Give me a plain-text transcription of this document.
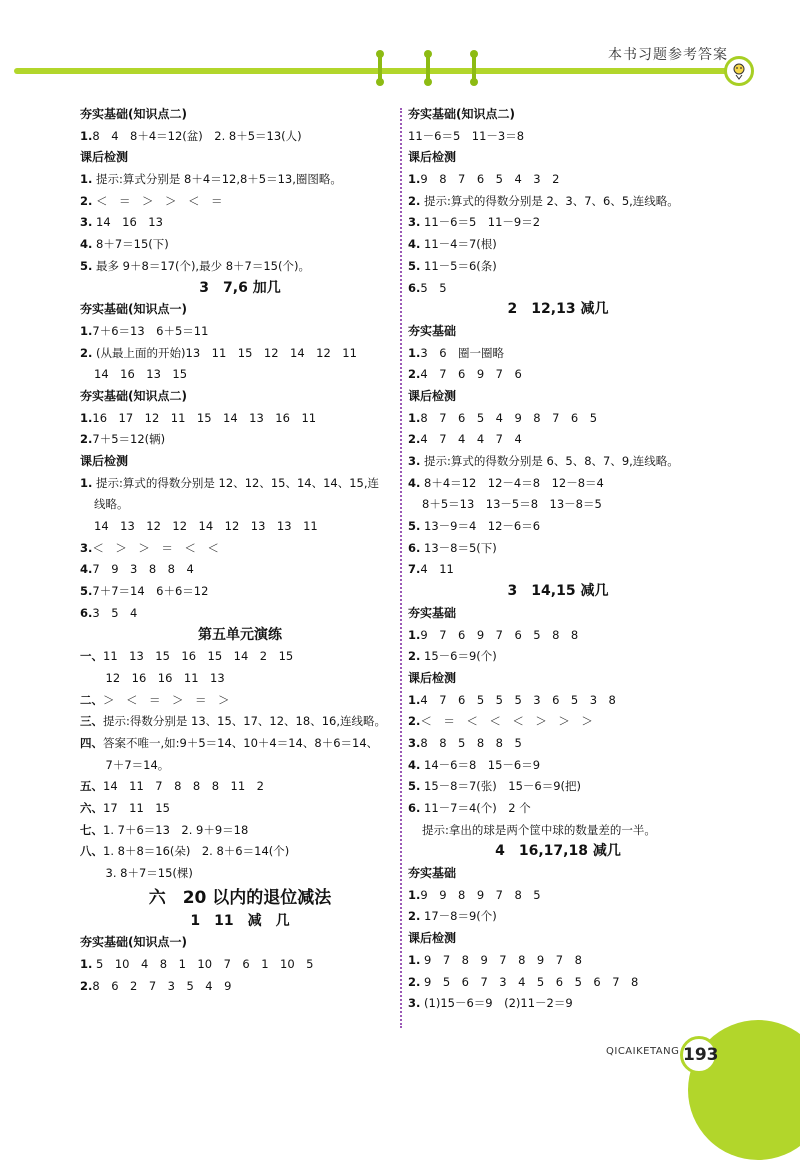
本书习题参考答案
夯实基础(知识点二)
1.8　4　8＋4＝12(盆)　2. 8＋5＝13(人)
课后检测
1. 提示:算式分别是 8＋4＝12,8＋5＝13,圈图略。
2. ＜　＝　＞　＞　＜　＝
3. 14　16　13
4. 8＋7＝15(下)
5. 最多 9＋8＝17(个),最少 8＋7＝15(个)。
3　7,6 加几
夯实基础(知识点一)
1.7＋6＝13　6＋5＝11
2. (从最上面的开始)13　11　15　12　14　12　11
14　16　13　15
夯实基础(知识点二)
1.16　17　12　11　15　14　13　16　11
2.7＋5＝12(辆)
课后检测
1. 提示:算式的得数分别是 12、12、15、14、14、15,连
线略。
14　13　12　12　14　12　13　13　11
3.＜　＞　＞　＝　＜　＜
4.7　9　3　8　8　4
5.7＋7＝14　6＋6＝12
6.3　5　4
第五单元演练
一、11　13　15　16　15　14　2　15
　12　16　16　11　13
二、＞　＜　＝　＞　＝　＞
三、提示:得数分别是 13、15、17、12、18、16,连线略。
四、答案不唯一,如:9＋5＝14、10＋4＝14、8＋6＝14、
　7＋7＝14。
五、14　11　7　8　8　8　11　2
六、17　11　15
七、1. 7＋6＝13　2. 9＋9＝18
八、1. 8＋8＝16(朵)　2. 8＋6＝14(个)
　3. 8＋7＝15(棵)
六　20 以内的退位减法
1　11　减　几
夯实基础(知识点一)
1. 5　10　4　8　1　10　7　6　1　10　5
2.8　6　2　7　3　5　4　9
夯实基础(知识点二)
11－6＝5　11－3＝8
课后检测
1.9　8　7　6　5　4　3　2
2. 提示:算式的得数分别是 2、3、7、6、5,连线略。
3. 11－6＝5　11－9＝2
4. 11－4＝7(根)
5. 11－5＝6(条)
6.5　5
2　12,13 减几
夯实基础
1.3　6　圈一圈略
2.4　7　6　9　7　6
课后检测
1.8　7　6　5　4　9　8　7　6　5
2.4　7　4　4　7　4
3. 提示:算式的得数分别是 6、5、8、7、9,连线略。
4. 8＋4＝12　12－4＝8　12－8＝4
8＋5＝13　13－5＝8　13－8＝5
5. 13－9＝4　12－6＝6
6. 13－8＝5(下)
7.4　11
3　14,15 减几
夯实基础
1.9　7　6　9　7　6　5　8　8
2. 15－6＝9(个)
课后检测
1.4　7　6　5　5　5　3　6　5　3　8
2.＜　＝　＜　＜　＜　＞　＞　＞
3.8　8　5　8　8　5
4. 14－6＝8　15－6＝9
5. 15－8＝7(张)　15－6＝9(把)
6. 11－7＝4(个)　2 个
提示:拿出的球是两个筐中球的数量差的一半。
4　16,17,18 减几
夯实基础
1.9　9　8　9　7　8　5
2. 17－8＝9(个)
课后检测
1. 9　7　8　9　7　8　9　7　8
2. 9　5　6　7　3　4　5　6　5　6　7　8
3. (1)15－6＝9　(2)11－2＝9
QICAIKETANG 193
